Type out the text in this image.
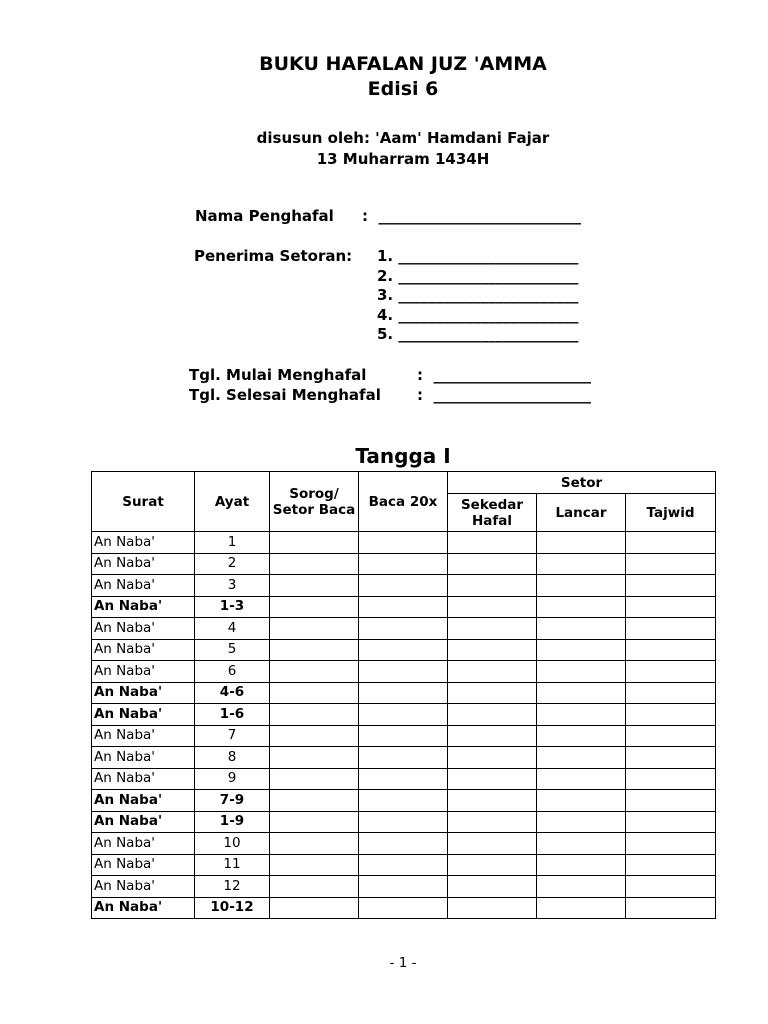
BUKU HAFALAN JUZ 'AMMA
Edisi 6
disusun oleh: 'Aam' Hamdani Fajar
13 Muharram 1434H
Nama Penghafal :  ___________________________
Penerima Setoran: 1. ________________________
2. ________________________
3. ________________________
4. ________________________
5. ________________________
Tgl. Mulai Menghafal	:  _____________________
Tgl. Selesai Menghafal :  _____________________
Tangga I
Surat	Ayat	Sorog/ Setor Baca	Baca 20x	Setor		
				Sekedar Hafal	Lancar	Tajwid
An Naba'	1					
An Naba'	2					
An Naba'	3					
An Naba'	1-3					
An Naba'	4					
An Naba'	5					
An Naba'	6					
An Naba'	4-6					
An Naba'	1-6					
An Naba'	7					
An Naba'	8					
An Naba'	9					
An Naba'	7-9					
An Naba'	1-9					
An Naba'	10					
An Naba'	11					
An Naba'	12					
An Naba'	10-12					
- 1 -
